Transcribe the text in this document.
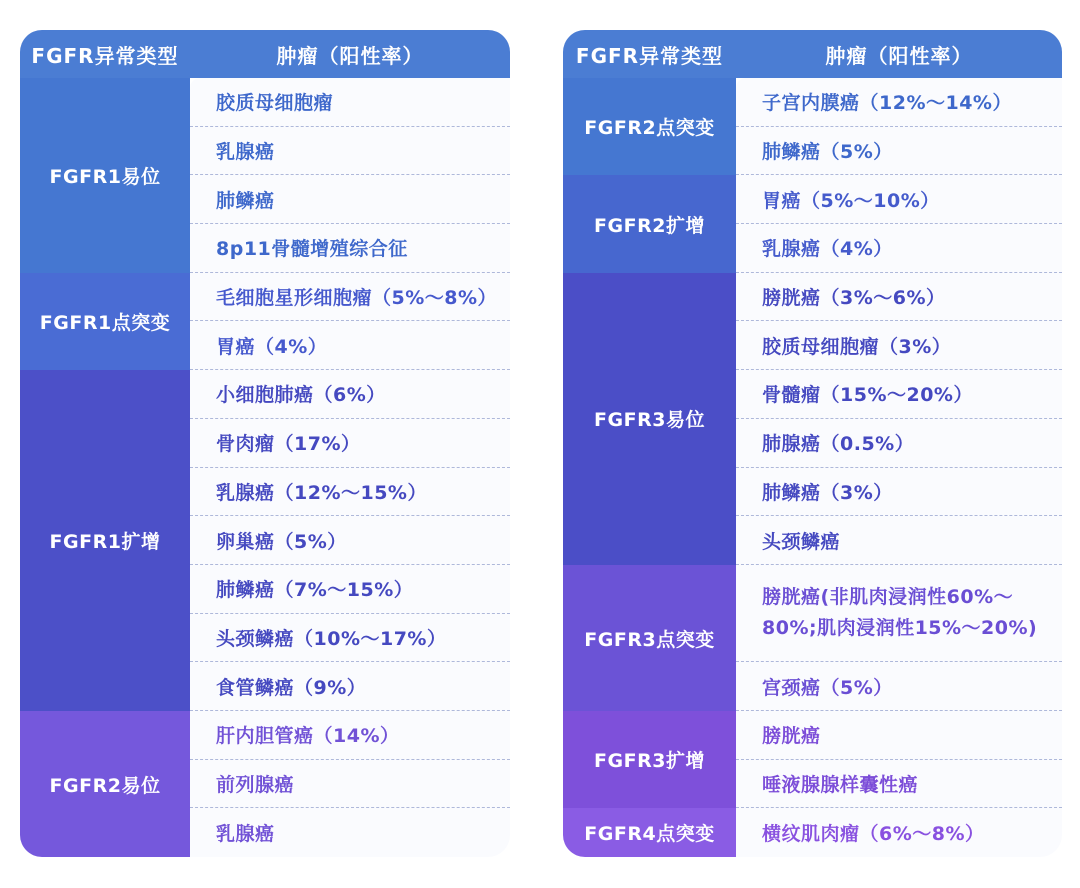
FGFR异常类型	肿瘤（阳性率）
FGFR1易位
FGFR1点突变
FGFR1扩增
FGFR2易位
胶质母细胞瘤
乳腺癌
肺鳞癌
8p11骨髓增殖综合征
毛细胞星形细胞瘤（5%～8%）
胃癌（4%）
小细胞肺癌（6%）
骨肉瘤（17%）
乳腺癌（12%～15%）
卵巢癌（5%）
肺鳞癌（7%～15%）
头颈鳞癌（10%～17%）
食管鳞癌（9%）
肝内胆管癌（14%）
前列腺癌
乳腺癌
FGFR异常类型	肿瘤（阳性率）
FGFR2点突变
FGFR2扩增
FGFR3易位
FGFR3点突变
FGFR3扩增
FGFR4点突变
子宫内膜癌（12%～14%）
肺鳞癌（5%）
胃癌（5%～10%）
乳腺癌（4%）
膀胱癌（3%～6%）
胶质母细胞瘤（3%）
骨髓瘤（15%～20%）
肺腺癌（0.5%）
肺鳞癌（3%）
头颈鳞癌
膀胱癌(非肌肉浸润性60%～80%;肌肉浸润性15%～20%)
宫颈癌（5%）
膀胱癌
唾液腺腺样囊性癌
横纹肌肉瘤（6%～8%）
